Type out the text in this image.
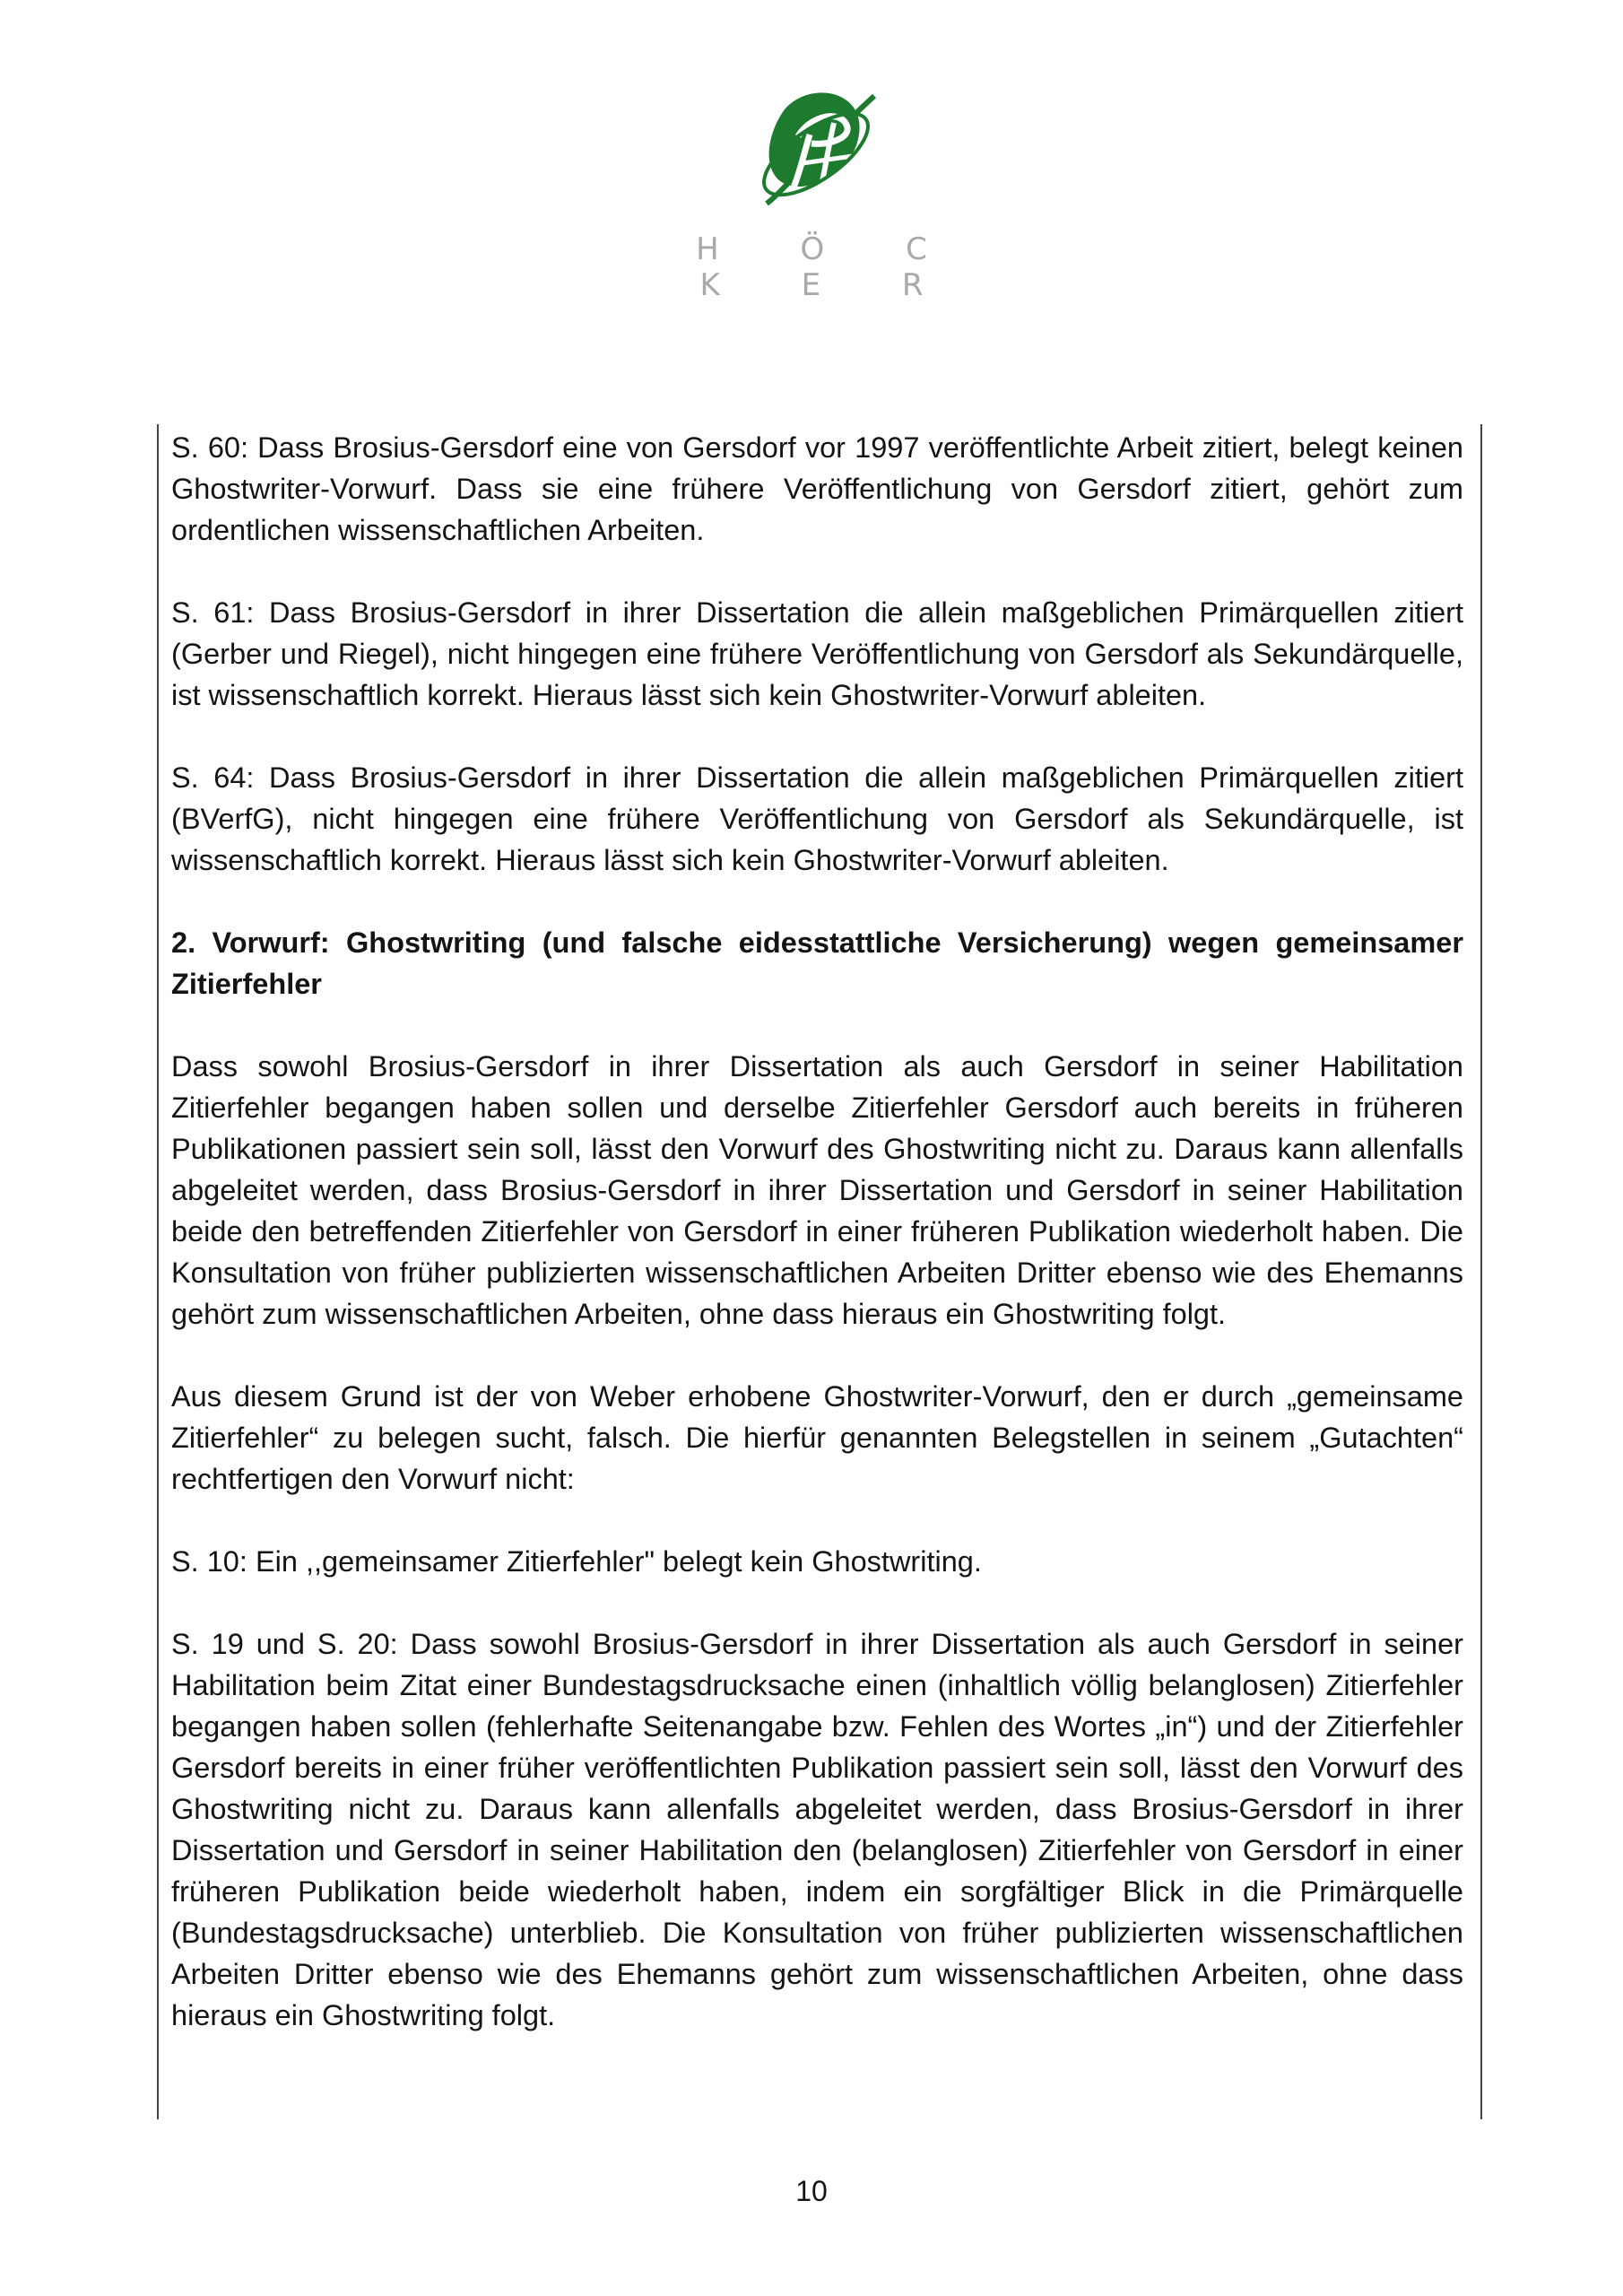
H Ö C K E R

S. 60: Dass Brosius-Gersdorf eine von Gersdorf vor 1997 veröffentlichte Arbeit zitiert, belegt keinen Ghostwriter-Vorwurf. Dass sie eine frühere Veröffentlichung von Gersdorf zitiert, gehört zum ordentlichen wissenschaftlichen Arbeiten.

S. 61: Dass Brosius-Gersdorf in ihrer Dissertation die allein maßgeblichen Primärquellen zitiert (Gerber und Riegel), nicht hingegen eine frühere Veröffentlichung von Gersdorf als Sekundärquelle, ist wissenschaftlich korrekt. Hieraus lässt sich kein Ghostwriter-Vorwurf ableiten.

S. 64: Dass Brosius-Gersdorf in ihrer Dissertation die allein maßgeblichen Primärquellen zitiert (BVerfG), nicht hingegen eine frühere Veröffentlichung von Gersdorf als Sekundärquelle, ist wissenschaftlich korrekt. Hieraus lässt sich kein Ghostwriter-Vorwurf ableiten.

2. Vorwurf: Ghostwriting (und falsche eidesstattliche Versicherung) wegen gemeinsamer Zitierfehler

Dass sowohl Brosius-Gersdorf in ihrer Dissertation als auch Gersdorf in seiner Habilitation Zitierfehler begangen haben sollen und derselbe Zitierfehler Gersdorf auch bereits in früheren Publikationen passiert sein soll, lässt den Vorwurf des Ghostwriting nicht zu. Daraus kann allenfalls abgeleitet werden, dass Brosius-Gersdorf in ihrer Dissertation und Gersdorf in seiner Habilitation beide den betreffenden Zitierfehler von Gersdorf in einer früheren Publikation wiederholt haben. Die Konsultation von früher publizierten wissenschaftlichen Arbeiten Dritter ebenso wie des Ehemanns gehört zum wissenschaftlichen Arbeiten, ohne dass hieraus ein Ghostwriting folgt.

Aus diesem Grund ist der von Weber erhobene Ghostwriter-Vorwurf, den er durch „gemeinsame Zitierfehler“ zu belegen sucht, falsch. Die hierfür genannten Belegstellen in seinem „Gutachten“ rechtfertigen den Vorwurf nicht:

S. 10: Ein ,,gemeinsamer Zitierfehler" belegt kein Ghostwriting.

S. 19 und S. 20: Dass sowohl Brosius-Gersdorf in ihrer Dissertation als auch Gersdorf in seiner Habilitation beim Zitat einer Bundestagsdrucksache einen (inhaltlich völlig belanglosen) Zitierfehler begangen haben sollen (fehlerhafte Seitenangabe bzw. Fehlen des Wortes „in“) und der Zitierfehler Gersdorf bereits in einer früher veröffentlichten Publikation passiert sein soll, lässt den Vorwurf des Ghostwriting nicht zu. Daraus kann allenfalls abgeleitet werden, dass Brosius-Gersdorf in ihrer Dissertation und Gersdorf in seiner Habilitation den (belanglosen) Zitierfehler von Gersdorf in einer früheren Publikation beide wiederholt haben, indem ein sorgfältiger Blick in die Primärquelle (Bundestagsdrucksache) unterblieb. Die Konsultation von früher publizierten wissenschaftlichen Arbeiten Dritter ebenso wie des Ehemanns gehört zum wissenschaftlichen Arbeiten, ohne dass hieraus ein Ghostwriting folgt.

10
